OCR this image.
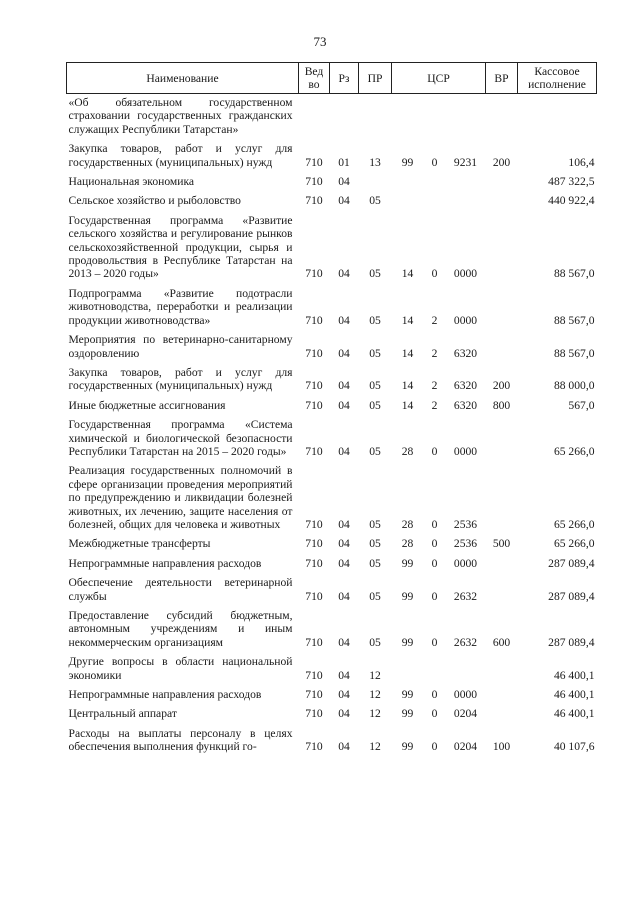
73
Наименование	Ведво	Рз	ПР	ЦСР			ВР	Кассовое исполнение
«Об обязательном государственном страховании государственных гражданских служащих Республики Татарстан»								
Закупка товаров, работ и услуг для государственных (муниципальных) нужд	710	01	13	99	0	9231	200	106,4
Национальная экономика	710	04						487 322,5
Сельское хозяйство и рыболовство	710	04	05					440 922,4
Государственная программа «Развитие сельского хозяйства и регулирование рынков сельскохозяйственной продукции, сырья и продовольствия в Республике Татарстан на 2013 – 2020 годы»	710	04	05	14	0	0000		88 567,0
Подпрограмма «Развитие подотрасли животноводства, переработки и реализации продукции животноводства»	710	04	05	14	2	0000		88 567,0
Мероприятия по ветеринарно-санитарному оздоровлению	710	04	05	14	2	6320		88 567,0
Закупка товаров, работ и услуг для государственных (муниципальных) нужд	710	04	05	14	2	6320	200	88 000,0
Иные бюджетные ассигнования	710	04	05	14	2	6320	800	567,0
Государственная программа «Система химической и биологической безопасности Республики Татарстан на 2015 – 2020 годы»	710	04	05	28	0	0000		65 266,0
Реализация государственных полномочий в сфере организации проведения мероприятий по предупреждению и ликвидации болезней животных, их лечению, защите населения от болезней, общих для человека и животных	710	04	05	28	0	2536		65 266,0
Межбюджетные трансферты	710	04	05	28	0	2536	500	65 266,0
Непрограммные направления расходов	710	04	05	99	0	0000		287 089,4
Обеспечение деятельности ветеринарной службы	710	04	05	99	0	2632		287 089,4
Предоставление субсидий бюджетным, автономным учреждениям и иным некоммерческим организациям	710	04	05	99	0	2632	600	287 089,4
Другие вопросы в области национальной экономики	710	04	12					46 400,1
Непрограммные направления расходов	710	04	12	99	0	0000		46 400,1
Центральный аппарат	710	04	12	99	0	0204		46 400,1
Расходы на выплаты персоналу в целях обеспечения выполнения функций го-	710	04	12	99	0	0204	100	40 107,6
